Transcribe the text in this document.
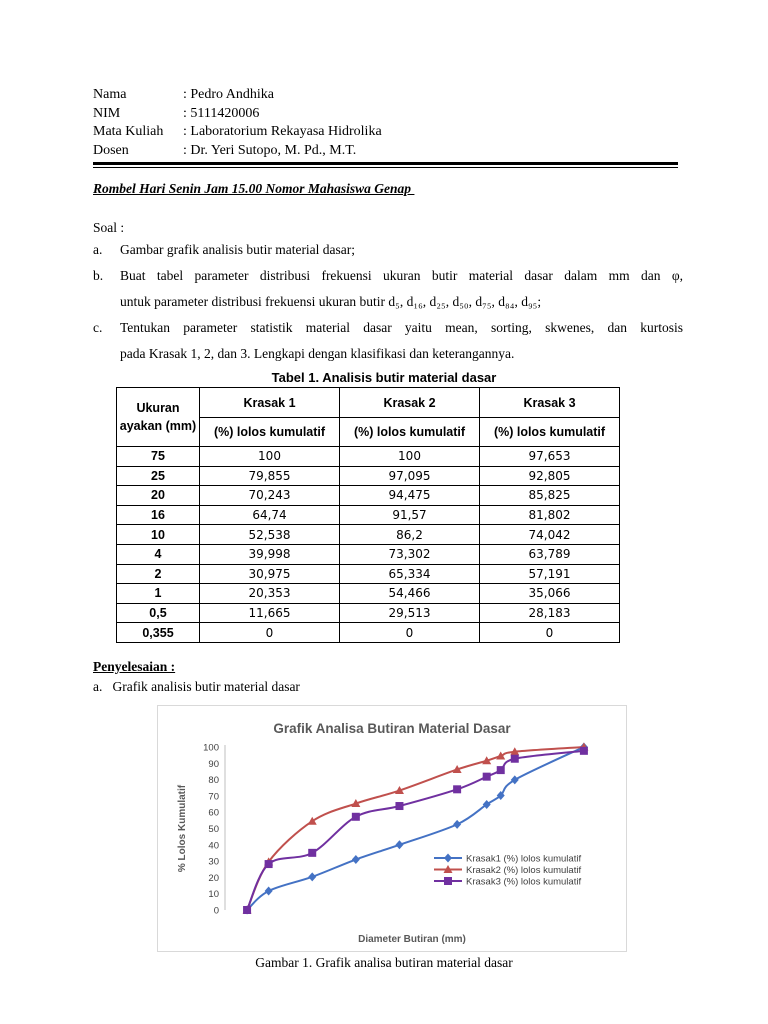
Nama	: Pedro Andhika
NIM	: 5111420006
Mata Kuliah	: Laboratorium Rekayasa Hidrolika
Dosen	: Dr. Yeri Sutopo, M. Pd., M.T.
Rombel Hari Senin Jam 15.00 Nomor Mahasiswa Genap
Soal :
a. Gambar grafik analisis butir material dasar;
b. Buat tabel parameter distribusi frekuensi ukuran butir material dasar dalam mm dan φ,
untuk parameter distribusi frekuensi ukuran butir d₅, d₁₆, d₂₅, d₅₀, d₇₅, d₈₄, d₉₅;
c. Tentukan parameter statistik material dasar yaitu mean, sorting, skwenes, dan kurtosis
pada Krasak 1, 2, dan 3. Lengkapi dengan klasifikasi dan keterangannya.
Tabel 1. Analisis butir material dasar
Ukuran ayakan (mm)	Krasak 1	Krasak 2	Krasak 3
	(%) lolos kumulatif	(%) lolos kumulatif	(%) lolos kumulatif
75	100	100	97,653
25	79,855	97,095	92,805
20	70,243	94,475	85,825
16	64,74	91,57	81,802
10	52,538	86,2	74,042
4	39,998	73,302	63,789
2	30,975	65,334	57,191
1	20,353	54,466	35,066
0,5	11,665	29,513	28,183
0,355	0	0	0
Penyelesaian :
a. Grafik analisis butir material dasar
Grafik Analisa Butiran Material Dasar
0
10
20
30
40
50
60
70
80
90
100
% Lolos Kumulatif
Diameter Butiran (mm)
Krasak1 (%) lolos kumulatif
Krasak2 (%) lolos kumulatif
Krasak3 (%) lolos kumulatif
Gambar 1. Grafik analisa butiran material dasar
